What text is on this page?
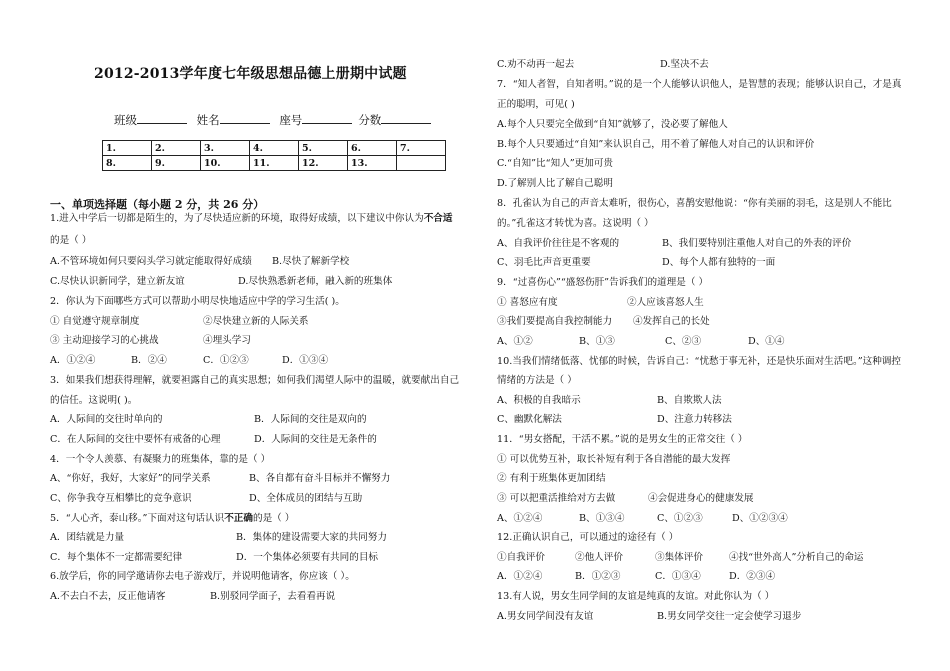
2012-2013学年度七年级思想品德上册期中试题
班级	姓名	座号	分数
1.	2.	3.	4.	5.	6.	7.
8.	9.	10.	11.	12.	13.	
一、单项选择题（每小题 2 分，共 26 分）
1.进入中学后一切都是陌生的，为了尽快适应新的环境，取得好成绩，以下建议中你认为不合适
的是（ ）
A.不管环境如何只要闷头学习就定能取得好成绩 B.尽快了解新学校
C.尽快认识新同学，建立新友谊	D.尽快熟悉新老师，融入新的班集体
2．你认为下面哪些方式可以帮助小明尽快地适应中学的学习生活( )。
① 自觉遵守规章制度	②尽快建立新的人际关系
③ 主动迎接学习的心挑战	④埋头学习
A．①②④	B．②④	C．①②③	D．①③④
3．如果我们想获得理解，就要袒露自己的真实思想；如何我们渴望人际中的温暖，就要献出自己
的信任。这说明( )。
A．人际间的交往时单向的	B．人际间的交往是双向的
C．在人际间的交往中要怀有戒备的心理	D．人际间的交往是无条件的
4．一个令人羡慕、有凝聚力的班集体，靠的是（ ）
A、“你好，我好，大家好”的同学关系	B、各自都有奋斗目标并不懈努力
C、你争我夺互相攀比的竞争意识	D、全体成员的团结与互助
5．“人心齐，泰山移。”下面对这句话认识不正确的是（ ）
A．团结就是力量	B．集体的建设需要大家的共同努力
C．每个集体不一定都需要纪律	D．一个集体必须要有共同的目标
6.放学后，你的同学邀请你去电子游戏厅，并说明他请客，你应该（ ）。
A.不去白不去，反正他请客	B.别驳同学面子，去看看再说
C.劝不动再一起去	D.坚决不去
7．“知人者智，自知者明。”说的是一个人能够认识他人，是智慧的表现；能够认识自己，才是真
正的聪明，可见( )
A.每个人只要完全做到“自知”就够了，没必要了解他人
B.每个人只要通过“自知”来认识自己，用不着了解他人对自己的认识和评价
C.“自知”比“知人”更加可贵
D.了解别人比了解自己聪明
8．孔雀认为自己的声音太难听，很伤心，喜鹊安慰他说：“你有美丽的羽毛，这是别人不能比
的。”孔雀这才转忧为喜。这说明（ ）
A、自我评价往往是不客观的	B、我们要特别注重他人对自己的外表的评价
C、羽毛比声音更重要	D、每个人都有独特的一面
9．“过喜伤心”“盛怒伤肝”告诉我们的道理是（ ）
① 喜怒应有度	②人应该喜怒人生
③我们要提高自我控制能力 ④发挥自己的长处
A、①②	B、①③	C、②③	D、①④
10.当我们情绪低落、忧郁的时候，告诉自己：“忧愁于事无补，还是快乐面对生活吧。”这种调控
情绪的方法是（ ）
A、积极的自我暗示	B、自欺欺人法
C、幽默化解法	D、注意力转移法
11．“男女搭配，干活不累。”说的是男女生的正常交往（ ）
① 可以优势互补，取长补短有利于各自潜能的最大发挥
② 有利于班集体更加团结
③ 可以把重活推给对方去做	④会促进身心的健康发展
A、①②④	B、①③④	C、①②③	D、①②③④
12.正确认识自己，可以通过的途径有（ ）
①自我评价	②他人评价	③集体评价	④找“世外高人”分析自己的命运
A．①②④	B．①②③	C．①③④	D．②③④
13.有人说，男女生同学间的友谊是纯真的友谊。对此你认为（ ）
A.男女同学间没有友谊	B.男女同学交往一定会使学习退步
